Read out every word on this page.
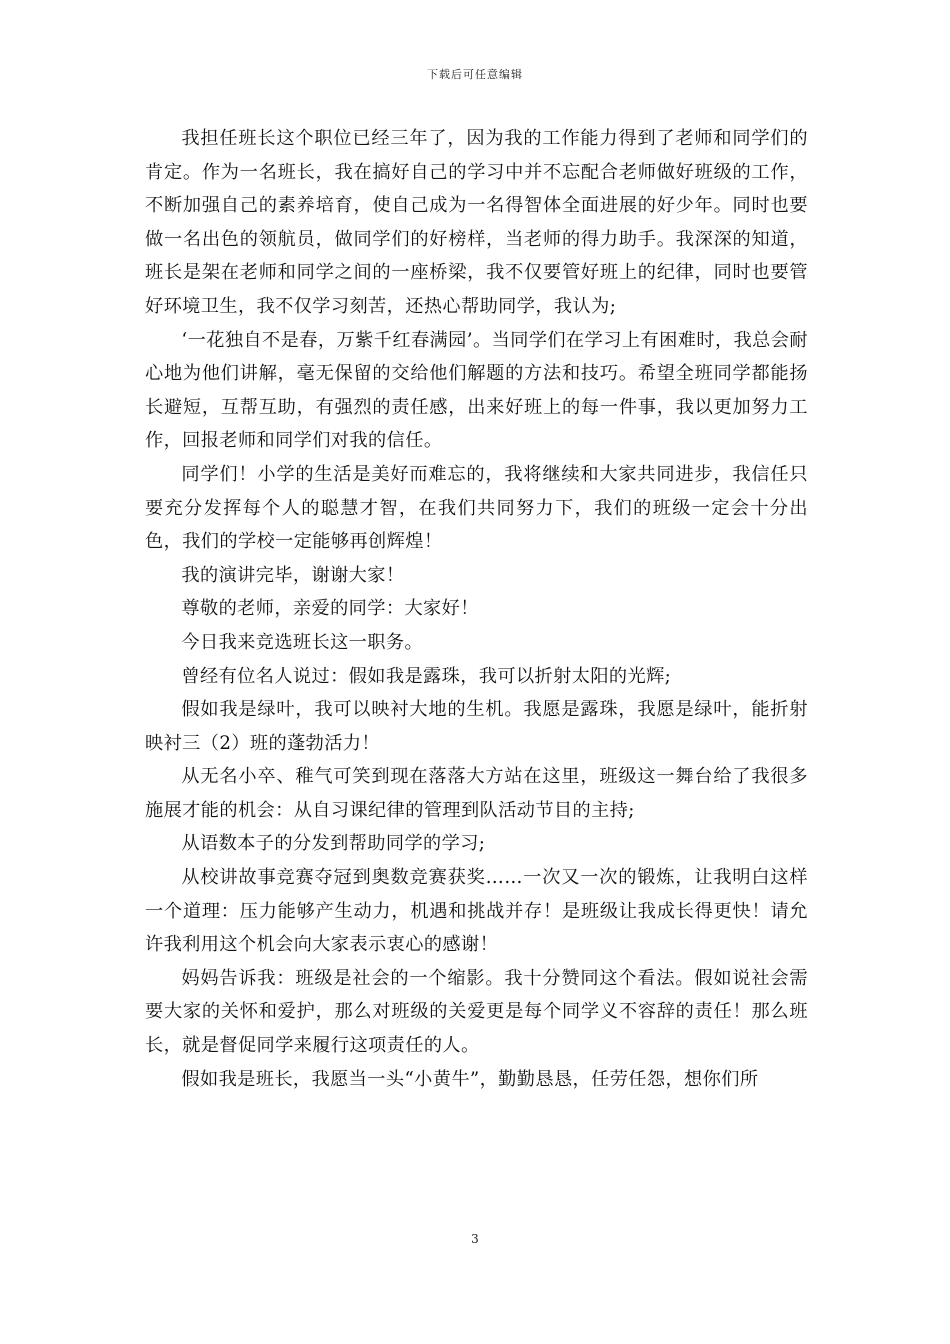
下载后可任意编辑

我担任班长这个职位已经三年了，因为我的工作能力得到了老师和同学们的肯定。作为一名班长，我在搞好自己的学习中并不忘配合老师做好班级的工作，不断加强自己的素养培育，使自己成为一名得智体全面进展的好少年。同时也要做一名出色的领航员，做同学们的好榜样，当老师的得力助手。我深深的知道，班长是架在老师和同学之间的一座桥梁，我不仅要管好班上的纪律，同时也要管好环境卫生，我不仅学习刻苦，还热心帮助同学，我认为;

‘一花独自不是春，万紫千红春满园’。当同学们在学习上有困难时，我总会耐心地为他们讲解，毫无保留的交给他们解题的方法和技巧。希望全班同学都能扬长避短，互帮互助，有强烈的责任感，出来好班上的每一件事，我以更加努力工作，回报老师和同学们对我的信任。

同学们！小学的生活是美好而难忘的，我将继续和大家共同进步，我信任只要充分发挥每个人的聪慧才智，在我们共同努力下，我们的班级一定会十分出色，我们的学校一定能够再创辉煌！

我的演讲完毕，谢谢大家！

尊敬的老师，亲爱的同学：大家好！

今日我来竞选班长这一职务。

曾经有位名人说过：假如我是露珠，我可以折射太阳的光辉;

假如我是绿叶，我可以映衬大地的生机。我愿是露珠，我愿是绿叶，能折射映衬三（2）班的蓬勃活力！

从无名小卒、稚气可笑到现在落落大方站在这里，班级这一舞台给了我很多施展才能的机会：从自习课纪律的管理到队活动节目的主持;

从语数本子的分发到帮助同学的学习;

从校讲故事竞赛夺冠到奥数竞赛获奖……一次又一次的锻炼，让我明白这样一个道理：压力能够产生动力，机遇和挑战并存！是班级让我成长得更快！请允许我利用这个机会向大家表示衷心的感谢！

妈妈告诉我：班级是社会的一个缩影。我十分赞同这个看法。假如说社会需要大家的关怀和爱护，那么对班级的关爱更是每个同学义不容辞的责任！那么班长，就是督促同学来履行这项责任的人。

假如我是班长，我愿当一头“小黄牛”，勤勤恳恳，任劳任怨，想你们所

3
